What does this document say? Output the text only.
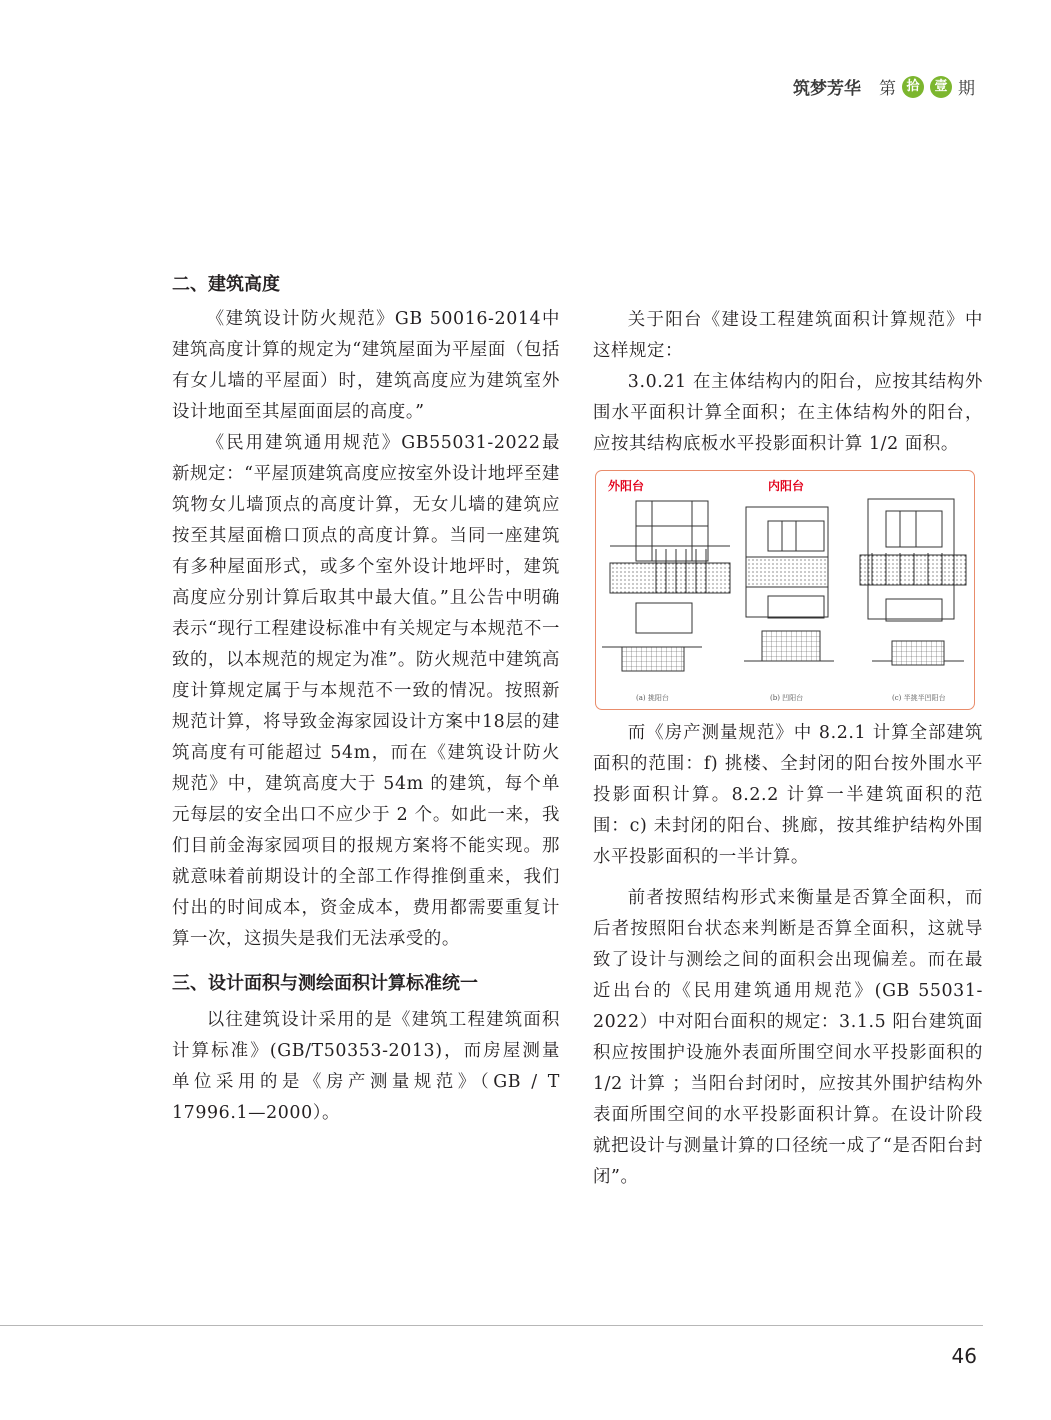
筑梦芳华 第 拾	壹 期
二、建筑高度

《建筑设计防火规范》GB 50016-2014中建筑高度计算的规定为“建筑屋面为平屋面（包括有女儿墙的平屋面）时，建筑高度应为建筑室外设计地面至其屋面面层的高度。”

《民用建筑通用规范》GB55031-2022最新规定：“平屋顶建筑高度应按室外设计地坪至建筑物女儿墙顶点的高度计算，无女儿墙的建筑应按至其屋面檐口顶点的高度计算。当同一座建筑有多种屋面形式，或多个室外设计地坪时，建筑高度应分别计算后取其中最大值。”且公告中明确表示“现行工程建设标准中有关规定与本规范不一致的，以本规范的规定为准”。防火规范中建筑高度计算规定属于与本规范不一致的情况。按照新规范计算，将导致金海家园设计方案中18层的建筑高度有可能超过 54m，而在《建筑设计防火规范》中，建筑高度大于 54m 的建筑，每个单元每层的安全出口不应少于 2 个。如此一来，我们目前金海家园项目的报规方案将不能实现。那就意味着前期设计的全部工作得推倒重来，我们付出的时间成本，资金成本，费用都需要重复计算一次，这损失是我们无法承受的。

三、设计面积与测绘面积计算标准统一

以往建筑设计采用的是《建筑工程建筑面积计算标准》(GB/T50353-2013)，而房屋测量单位采用的是《房产测量规范》（GB / T 17996.1—2000）。

关于阳台《建设工程建筑面积计算规范》中这样规定：

3.0.21 在主体结构内的阳台，应按其结构外围水平面积计算全面积；在主体结构外的阳台，应按其结构底板水平投影面积计算 1/2 面积。

外阳台	内阳台
(a) 挑阳台	(b) 凹阳台	(c) 半挑半凹阳台

而《房产测量规范》中 8.2.1 计算全部建筑面积的范围：f) 挑楼、全封闭的阳台按外围水平投影面积计算。8.2.2 计算一半建筑面积的范围：c) 未封闭的阳台、挑廊，按其维护结构外围水平投影面积的一半计算。

前者按照结构形式来衡量是否算全面积，而后者按照阳台状态来判断是否算全面积，这就导致了设计与测绘之间的面积会出现偏差。而在最近出台的《民用建筑通用规范》(GB 55031-2022）中对阳台面积的规定：3.1.5 阳台建筑面积应按围护设施外表面所围空间水平投影面积的 1/2 计算 ；当阳台封闭时，应按其外围护结构外表面所围空间的水平投影面积计算。在设计阶段就把设计与测量计算的口径统一成了“是否阳台封闭”。

46
